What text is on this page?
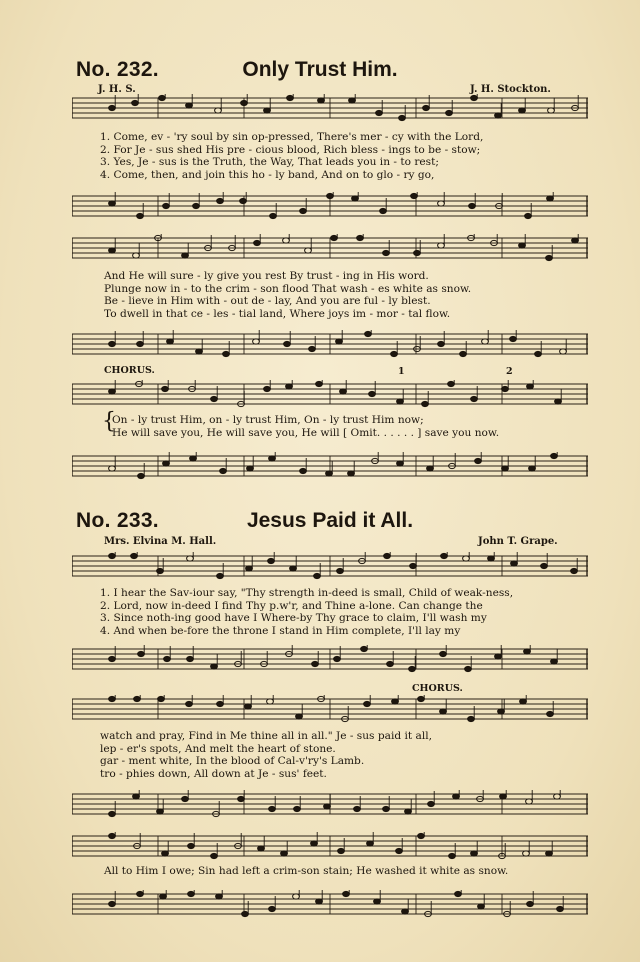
No. 232.	Only Trust Him.
J. H. S.	J. H. Stockton.
1. Come, ev - 'ry soul by sin op-pressed, There's mer - cy with the Lord,
2. For Je - sus shed His pre - cious blood, Rich bless - ings to be - stow;
3. Yes, Je - sus is the Truth, the Way, That leads you in - to rest;
4. Come, then, and join this ho - ly band, And on to glo - ry go,
And He will sure - ly give you rest By trust - ing in His word.
Plunge now in - to the crim - son flood That wash - es white as snow.
Be - lieve in Him with - out de - lay, And you are ful - ly blest.
To dwell in that ce - les - tial land, Where joys im - mor - tal flow.
CHORUS.	1	2
{
On - ly trust Him, on - ly trust Him, On - ly trust Him now;
He will save you, He will save you, He will [ Omit. . . . . . ] save you now.
No. 233.	Jesus Paid it All.
Mrs. Elvina M. Hall.	John T. Grape.
1. I hear the Sav-iour say, "Thy strength in-deed is small, Child of weak-ness,
2. Lord, now in-deed I find Thy p.w'r, and Thine a-lone. Can change the
3. Since noth-ing good have I Where-by Thy grace to claim, I'll wash my
4. And when be-fore the throne I stand in Him complete, I'll lay my
CHORUS.
watch and pray, Find in Me thine all in all." Je - sus paid it all,
lep - er's spots, And melt the heart of stone.
gar - ment white, In the blood of Cal-v'ry's Lamb.
tro - phies down, All down at Je - sus' feet.
All to Him I owe; Sin had left a crim-son stain; He washed it white as snow.
